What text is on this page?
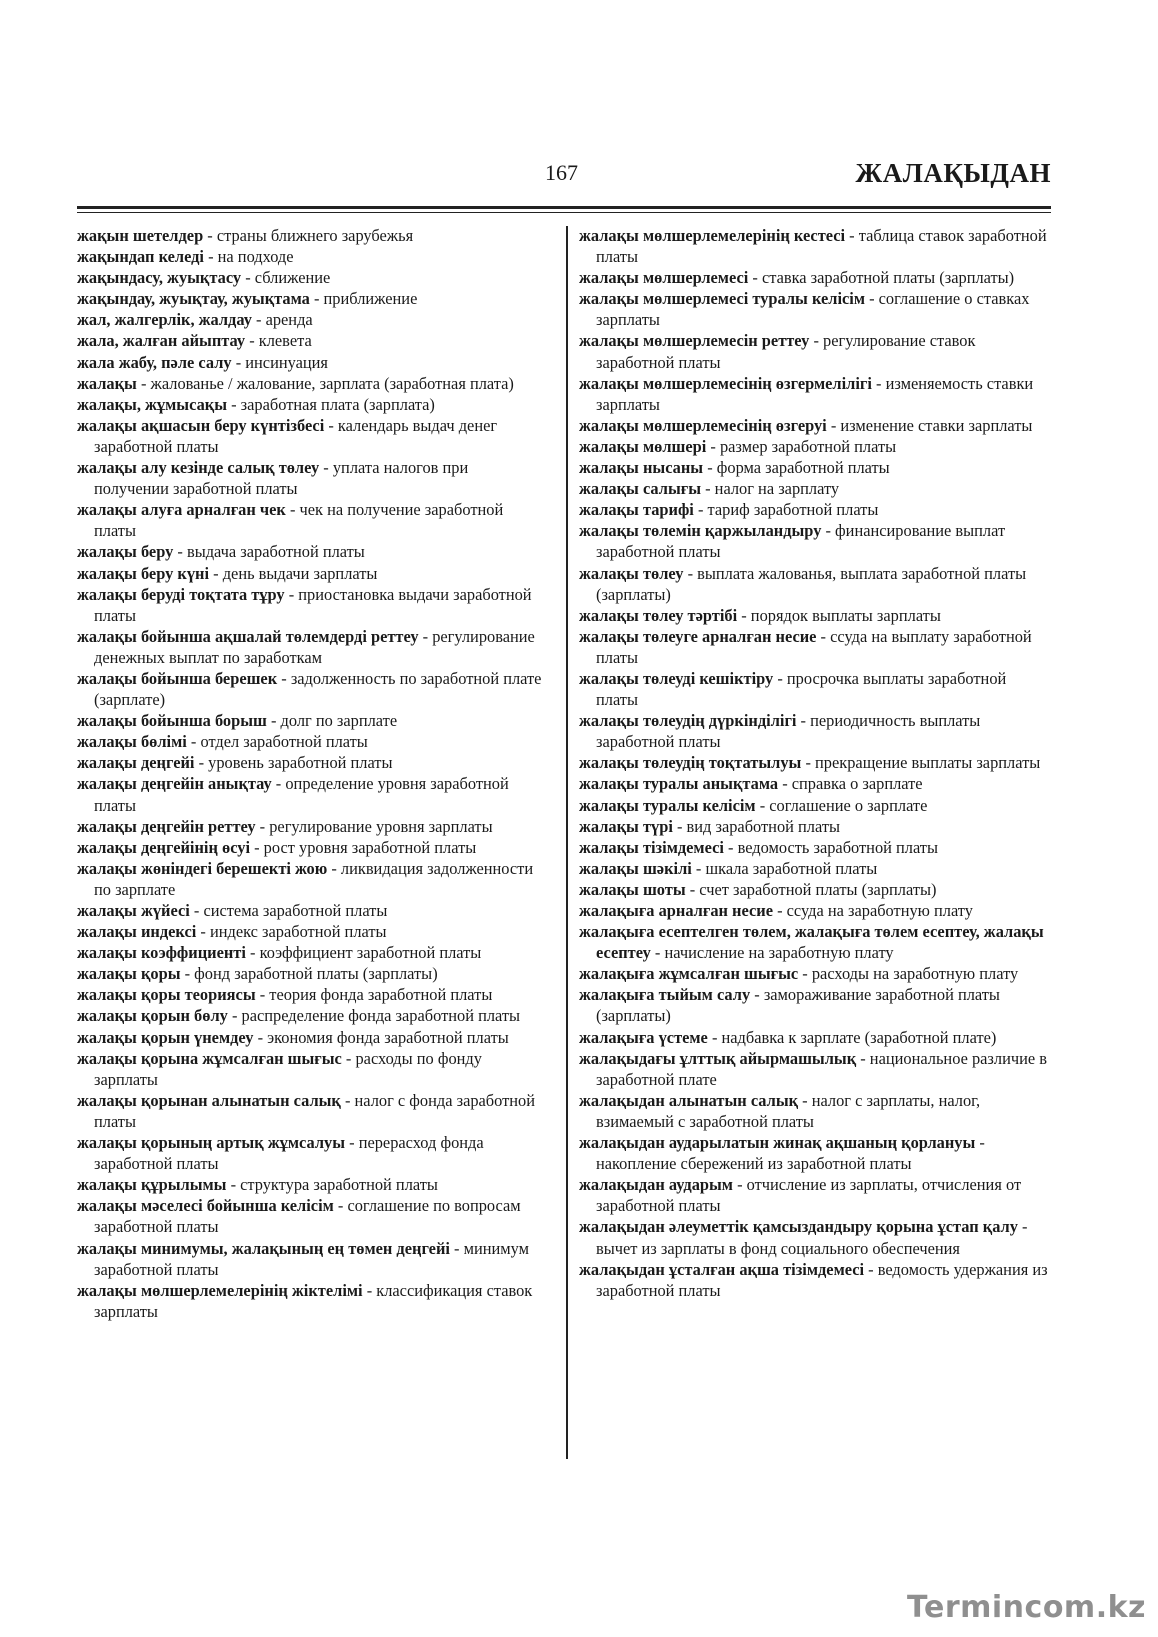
167	ЖАЛАҚЫДАН
жақын шетелдер - страны ближнего зарубежья
жақындап келеді - на подходе
жақындасу, жуықтасу - сближение
жақындау, жуықтау, жуықтама - приближение
жал, жалгерлік, жалдау - аренда
жала, жалған айыптау - клевета
жала жабу, пәле салу - инсинуация
жалақы - жалованье / жалование, зарплата (заработная плата)
жалақы, жұмысақы - заработная плата (зарплата)
жалақы ақшасын беру күнтізбесі - календарь выдач денег заработной платы
жалақы алу кезінде салық төлеу - уплата налогов при получении заработной платы
жалақы алуға арналған чек - чек на получение заработной платы
жалақы беру - выдача заработной платы
жалақы беру күні - день выдачи зарплаты
жалақы беруді тоқтата тұру - приостановка выдачи заработной платы
жалақы бойынша ақшалай төлемдерді реттеу - регулирование денежных выплат по заработкам
жалақы бойынша берешек - задолженность по заработной плате (зарплате)
жалақы бойынша борыш - долг по зарплате
жалақы бөлімі - отдел заработной платы
жалақы деңгейі - уровень заработной платы
жалақы деңгейін анықтау - определение уровня заработной платы
жалақы деңгейін реттеу - регулирование уровня зарплаты
жалақы деңгейінің өсуі - рост уровня заработной платы
жалақы жөніндегі берешекті жою - ликвидация задолженности по зарплате
жалақы жүйесі - система заработной платы
жалақы индексі - индекс заработной платы
жалақы коэффициенті - коэффициент заработной платы
жалақы қоры - фонд заработной платы (зарплаты)
жалақы қоры теориясы - теория фонда заработной платы
жалақы қорын бөлу - распределение фонда заработной платы
жалақы қорын үнемдеу - экономия фонда заработной платы
жалақы қорына жұмсалған шығыс - расходы по фонду зарплаты
жалақы қорынан алынатын салық - налог с фонда заработной платы
жалақы қорының артық жұмсалуы - перерасход фонда заработной платы
жалақы құрылымы - структура заработной платы
жалақы мәселесі бойынша келісім - соглашение по вопросам заработной платы
жалақы минимумы, жалақының ең төмен деңгейі - минимум заработной платы
жалақы мөлшерлемелерінің жіктелімі - классификация ставок зарплаты
жалақы мөлшерлемелерінің кестесі - таблица ставок заработной платы
жалақы мөлшерлемесі - ставка заработной платы (зарплаты)
жалақы мөлшерлемесі туралы келісім - соглашение о ставках зарплаты
жалақы мөлшерлемесін реттеу - регулирование ставок заработной платы
жалақы мөлшерлемесінің өзгермелілігі - изменяемость ставки зарплаты
жалақы мөлшерлемесінің өзгеруі - изменение ставки зарплаты
жалақы мөлшері - размер заработной платы
жалақы нысаны - форма заработной платы
жалақы салығы - налог на зарплату
жалақы тарифі - тариф заработной платы
жалақы төлемін қаржыландыру - финансирование выплат заработной платы
жалақы төлеу - выплата жалованья, выплата заработной платы (зарплаты)
жалақы төлеу тәртібі - порядок выплаты зарплаты
жалақы төлеуге арналған несие - ссуда на выплату заработной платы
жалақы төлеуді кешіктіру - просрочка выплаты заработной платы
жалақы төлеудің дүркінділігі - периодичность выплаты заработной платы
жалақы төлеудің тоқтатылуы - прекращение выплаты зарплаты
жалақы туралы анықтама - справка о зарплате
жалақы туралы келісім - соглашение о зарплате
жалақы түрі - вид заработной платы
жалақы тізімдемесі - ведомость заработной платы
жалақы шәкілі - шкала заработной платы
жалақы шоты - счет заработной платы (зарплаты)
жалақыға арналған несие - ссуда на заработную плату
жалақыға есептелген төлем, жалақыға төлем есептеу, жалақы есептеу - начисление на заработную плату
жалақыға жұмсалған шығыс - расходы на заработную плату
жалақыға тыйым салу - замораживание заработной платы (зарплаты)
жалақыға үстеме - надбавка к зарплате (заработной плате)
жалақыдағы ұлттық айырмашылық - национальное различие в заработной плате
жалақыдан алынатын салық - налог с зарплаты, налог, взимаемый с заработной платы
жалақыдан аударылатын жинақ ақшаның қорлануы - накопление сбережений из заработной платы
жалақыдан аударым - отчисление из зарплаты, отчисления от заработной платы
жалақыдан әлеуметтік қамсыздандыру қорына ұстап қалу - вычет из зарплаты в фонд социального обеспечения
жалақыдан ұсталған ақша тізімдемесі - ведомость удержания из заработной платы
Termincom.kz
